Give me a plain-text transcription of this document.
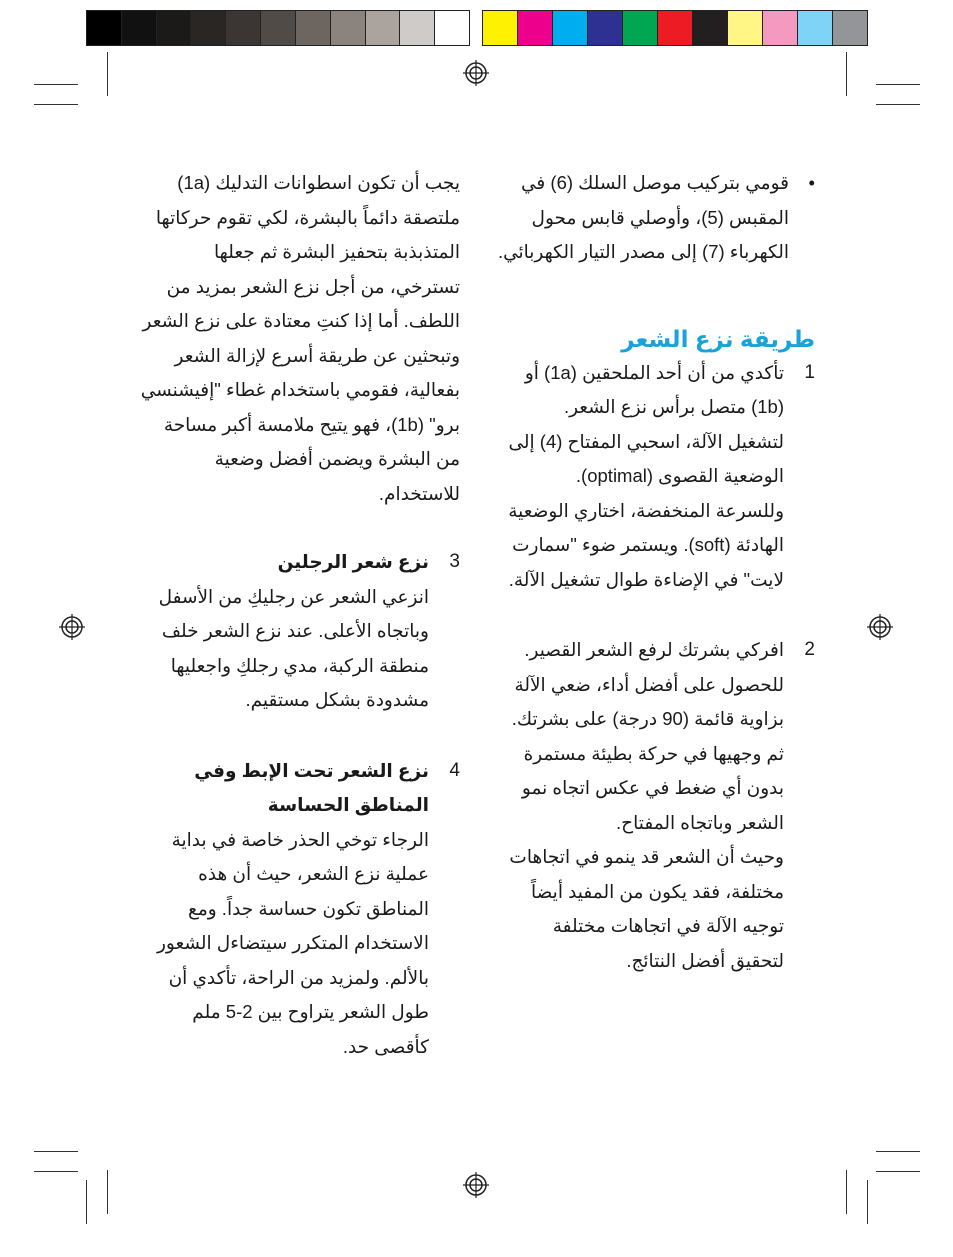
•
قومي بتركيب موصل السلك (6) في المقبس (5)، وأوصلي قابس محول الكهرباء (7) إلى مصدر التيار الكهربائي.
طريقة نزع الشعر
1
تأكدي من أن أحد الملحقين (1a) أو (1b) متصل برأس نزع الشعر.
لتشغيل الآلة، اسحبي المفتاح (4) إلى الوضعية القصوى (optimal).
وللسرعة المنخفضة، اختاري الوضعية الهادئة (soft). ويستمر ضوء "سمارت لايت" في الإضاءة طوال تشغيل الآلة.
2
افركي بشرتك لرفع الشعر القصير.
للحصول على أفضل أداء، ضعي الآلة بزاوية قائمة (90 درجة) على بشرتك. ثم وجهيها في حركة بطيئة مستمرة بدون أي ضغط في عكس اتجاه نمو الشعر وباتجاه المفتاح.
وحيث أن الشعر قد ينمو في اتجاهات مختلفة، فقد يكون من المفيد أيضاً توجيه الآلة في اتجاهات مختلفة لتحقيق أفضل النتائج.
يجب أن تكون اسطوانات التدليك (1a) ملتصقة دائماً بالبشرة، لكي تقوم حركاتها المتذبذبة بتحفيز البشرة ثم جعلها تسترخي، من أجل نزع الشعر بمزيد من اللطف. أما إذا كنتِ معتادة على نزع الشعر وتبحثين عن طريقة أسرع لإزالة الشعر بفعالية، فقومي باستخدام غطاء "إفيشنسي برو" (1b)، فهو يتيح ملامسة أكبر مساحة من البشرة ويضمن أفضل وضعية للاستخدام.
3
نزع شعر الرجلين
انزعي الشعر عن رجليكِ من الأسفل وباتجاه الأعلى. عند نزع الشعر خلف منطقة الركبة، مدي رجلكِ واجعليها مشدودة بشكل مستقيم.
4
نزع الشعر تحت الإبط وفي المناطق الحساسة
الرجاء توخي الحذر خاصة في بداية عملية نزع الشعر، حيث أن هذه المناطق تكون حساسة جداً. ومع الاستخدام المتكرر سيتضاءل الشعور بالألم. ولمزيد من الراحة، تأكدي أن طول الشعر يتراوح بين 2-5 ملم كأقصى حد.
